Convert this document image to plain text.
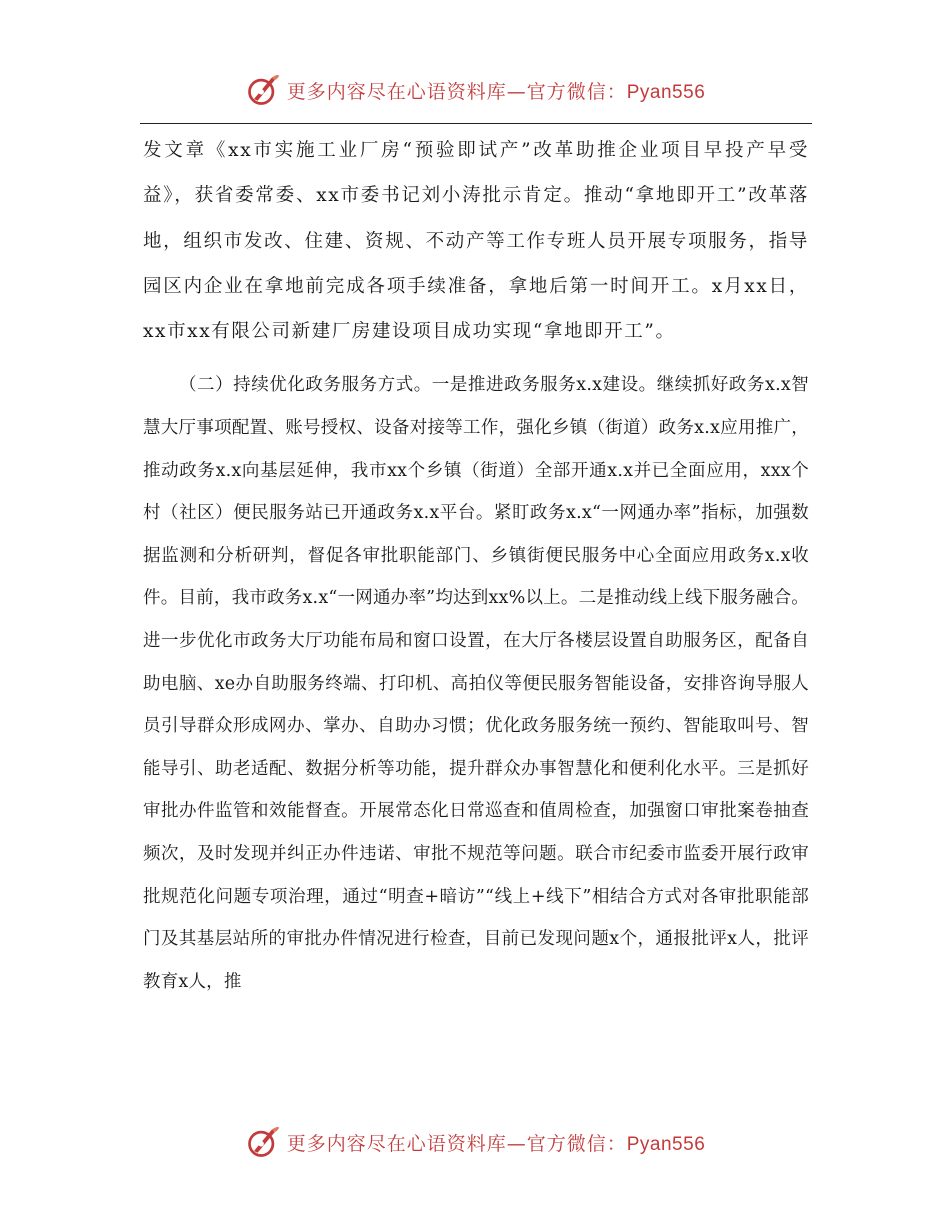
更多内容尽在心语资料库—官方微信：Pyan556

发文章《xx市实施工业厂房“预验即试产”改革助推企业项目早投产早受益》，获省委常委、xx市委书记刘小涛批示肯定。推动“拿地即开工”改革落地，组织市发改、住建、资规、不动产等工作专班人员开展专项服务，指导园区内企业在拿地前完成各项手续准备，拿地后第一时间开工。x月xx日，xx市xx有限公司新建厂房建设项目成功实现“拿地即开工”。

（二）持续优化政务服务方式。一是推进政务服务x.x建设。继续抓好政务x.x智慧大厅事项配置、账号授权、设备对接等工作，强化乡镇（街道）政务x.x应用推广，推动政务x.x向基层延伸，我市xx个乡镇（街道）全部开通x.x并已全面应用，xxx个村（社区）便民服务站已开通政务x.x平台。紧盯政务x.x“一网通办率”指标，加强数据监测和分析研判，督促各审批职能部门、乡镇街便民服务中心全面应用政务x.x收件。目前，我市政务x.x“一网通办率”均达到xx%以上。二是推动线上线下服务融合。进一步优化市政务大厅功能布局和窗口设置，在大厅各楼层设置自助服务区，配备自助电脑、xe办自助服务终端、打印机、高拍仪等便民服务智能设备，安排咨询导服人员引导群众形成网办、掌办、自助办习惯；优化政务服务统一预约、智能取叫号、智能导引、助老适配、数据分析等功能，提升群众办事智慧化和便利化水平。三是抓好审批办件监管和效能督查。开展常态化日常巡查和值周检查，加强窗口审批案卷抽查频次，及时发现并纠正办件违诺、审批不规范等问题。联合市纪委市监委开展行政审批规范化问题专项治理，通过“明查+暗访”“线上+线下”相结合方式对各审批职能部门及其基层站所的审批办件情况进行检查，目前已发现问题x个，通报批评x人，批评教育x人，推

更多内容尽在心语资料库—官方微信：Pyan556
